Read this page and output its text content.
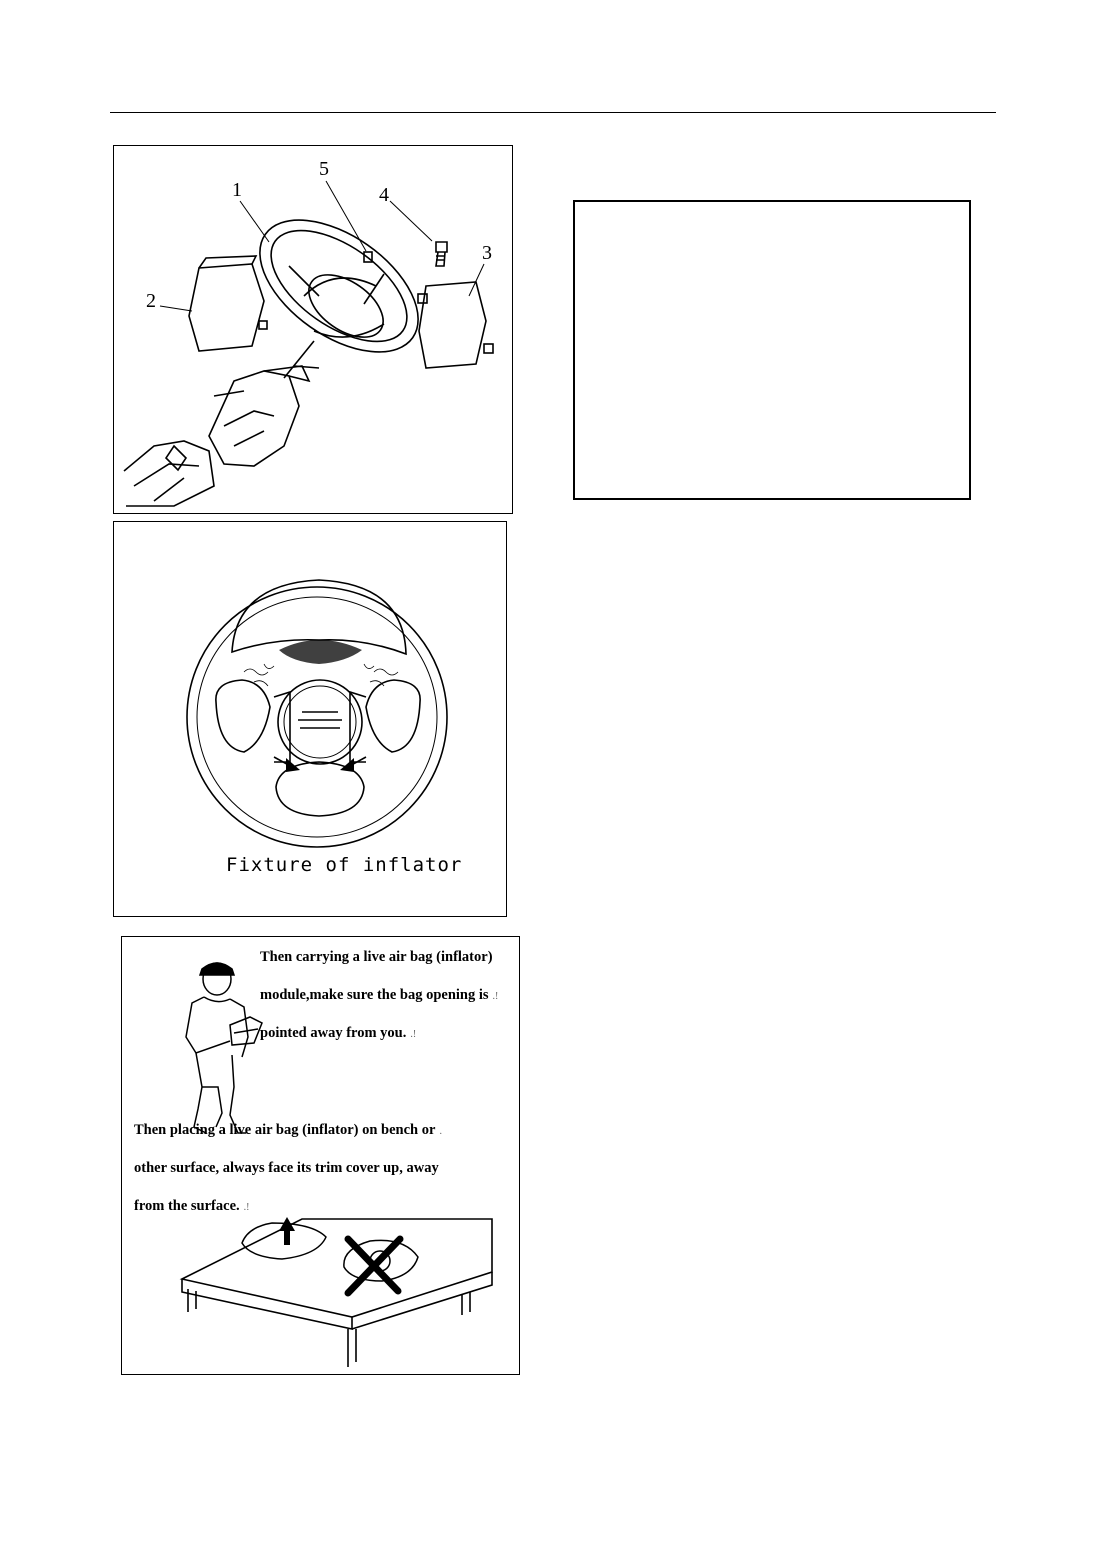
1
2
3
4
5
Fixture of inflator
Then carrying a live air bag (inflator)
module,make sure the bag opening is .!
pointed away from you. .!
Then placing a live air bag (inflator) on bench or .
other surface, always face its trim cover up, away
from the surface. .!
